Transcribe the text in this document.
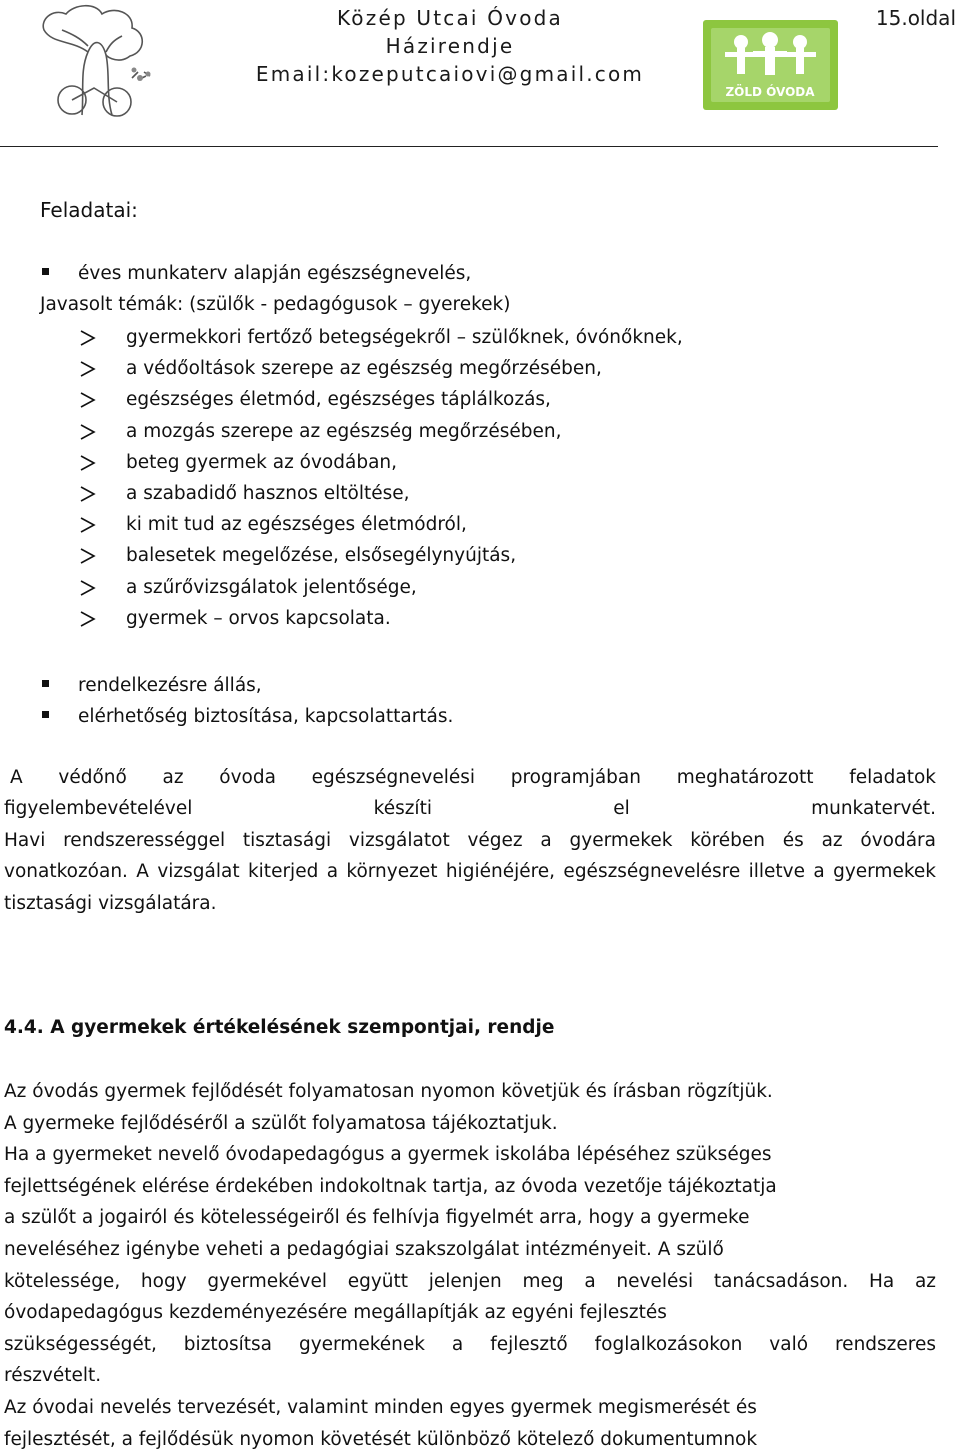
ZÖLD ÓVODA
Közép Utcai Óvoda
Házirendje
Email:kozeputcaiovi@gmail.com
15.oldal
Feladatai:
éves munkaterv alapján egészségnevelés,
Javasolt témák: (szülők - pedagógusok – gyerekek)
gyermekkori fertőző betegségekről – szülőknek, óvónőknek,
a védőoltások szerepe az egészség megőrzésében,
egészséges életmód, egészséges táplálkozás,
a mozgás szerepe az egészség megőrzésében,
beteg gyermek az óvodában,
a szabadidő hasznos eltöltése,
ki mit tud az egészséges életmódról,
balesetek megelőzése, elsősegélynyújtás,
a szűrővizsgálatok jelentősége,
gyermek – orvos kapcsolata.
rendelkezésre állás,
elérhetőség biztosítása, kapcsolattartás.
A védőnő az óvoda egészségnevelési programjában meghatározott feladatok
figyelembevételével készíti el munkatervét.
Havi rendszerességgel tisztasági vizsgálatot végez a gyermekek körében és az óvodára vonatkozóan. A vizsgálat kiterjed a környezet higiénéjére, egészségnevelésre illetve a gyermekek tisztasági vizsgálatára.
4.4. A gyermekek értékelésének szempontjai, rendje
Az óvodás gyermek fejlődését folyamatosan nyomon követjük és írásban rögzítjük.
A gyermeke fejlődéséről a szülőt folyamatosa tájékoztatjuk.
Ha a gyermeket nevelő óvodapedagógus a gyermek iskolába lépéséhez szükséges
fejlettségének elérése érdekében indokoltnak tartja, az óvoda vezetője tájékoztatja
a szülőt a jogairól és kötelességeiről és felhívja figyelmét arra, hogy a gyermeke
neveléséhez igénybe veheti a pedagógiai szakszolgálat intézményeit. A szülő
kötelessége, hogy gyermekével együtt jelenjen meg a nevelési tanácsadáson. Ha az
óvodapedagógus kezdeményezésére megállapítják az egyéni fejlesztés
szükségességét, biztosítsa gyermekének a fejlesztő foglalkozásokon való rendszeres
részvételt.
Az óvodai nevelés tervezését, valamint minden egyes gyermek megismerését és
fejlesztését, a fejlődésük nyomon követését különböző kötelező dokumentumnok
